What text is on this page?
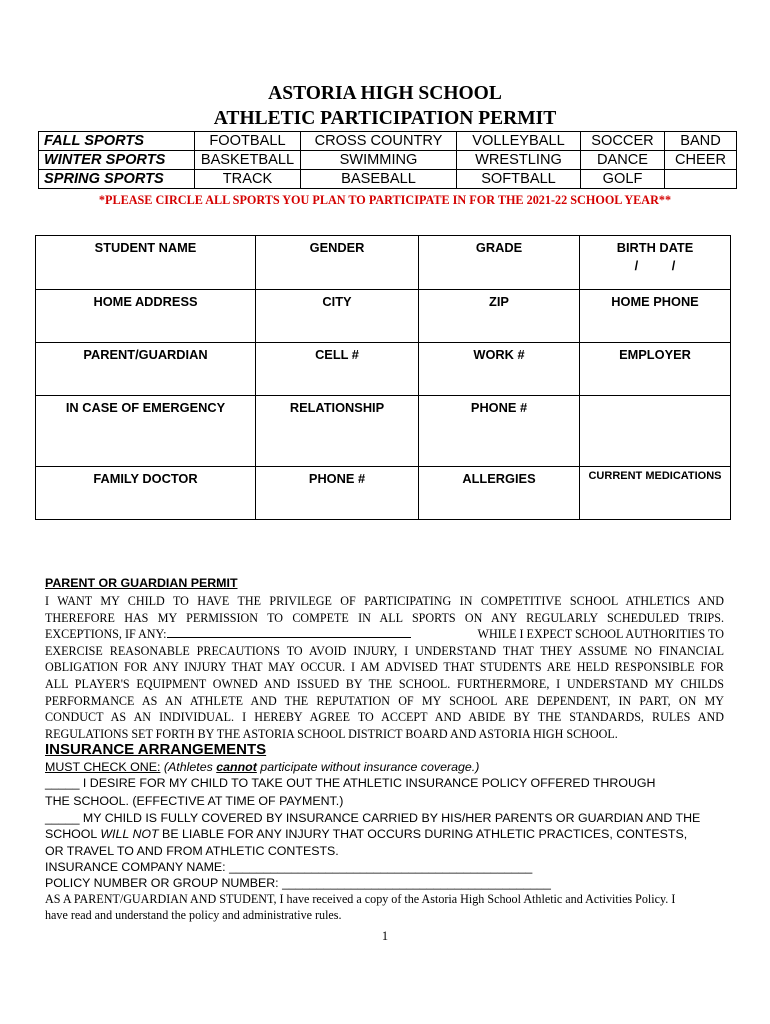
ASTORIA HIGH SCHOOL
ATHLETIC PARTICIPATION PERMIT
FALL SPORTS	FOOTBALL	CROSS COUNTRY	VOLLEYBALL	SOCCER	BAND
WINTER SPORTS	BASKETBALL	SWIMMING	WRESTLING	DANCE	CHEER
SPRING SPORTS	TRACK	BASEBALL	SOFTBALL	GOLF	
*PLEASE CIRCLE ALL SPORTS YOU PLAN TO PARTICIPATE IN FOR THE 2021-22 SCHOOL YEAR**
STUDENT NAME	GENDER	GRADE	BIRTH DATE
/ /

HOME ADDRESS	CITY	ZIP	HOME PHONE
PARENT/GUARDIAN	CELL #	WORK #	EMPLOYER
IN CASE OF EMERGENCY	RELATIONSHIP	PHONE #	
FAMILY DOCTOR	PHONE #	ALLERGIES	CURRENT MEDICATIONS
PARENT OR GUARDIAN PERMIT
I WANT MY CHILD TO HAVE THE PRIVILEGE OF PARTICIPATING IN COMPETITIVE SCHOOL ATHLETICS AND
THEREFORE HAS MY PERMISSION TO COMPETE IN ALL SPORTS ON ANY REGULARLY SCHEDULED TRIPS.
EXCEPTIONS, IF ANY:	WHILE I EXPECT SCHOOL AUTHORITIES TO
EXERCISE REASONABLE PRECAUTIONS TO AVOID INJURY, I UNDERSTAND THAT THEY ASSUME NO FINANCIAL
OBLIGATION FOR ANY INJURY THAT MAY OCCUR. I AM ADVISED THAT STUDENTS ARE HELD RESPONSIBLE FOR
ALL PLAYER'S EQUIPMENT OWNED AND ISSUED BY THE SCHOOL. FURTHERMORE, I UNDERSTAND MY CHILDS
PERFORMANCE AS AN ATHLETE AND THE REPUTATION OF MY SCHOOL ARE DEPENDENT, IN PART, ON MY
CONDUCT AS AN INDIVIDUAL. I HEREBY AGREE TO ACCEPT AND ABIDE BY THE STANDARDS, RULES AND
REGULATIONS SET FORTH BY THE ASTORIA SCHOOL DISTRICT BOARD AND ASTORIA HIGH SCHOOL.
INSURANCE ARRANGEMENTS
MUST CHECK ONE: (Athletes cannot participate without insurance coverage.)
_____ I DESIRE FOR MY CHILD TO TAKE OUT THE ATHLETIC INSURANCE POLICY OFFERED THROUGH
THE SCHOOL. (EFFECTIVE AT TIME OF PAYMENT.)
_____ MY CHILD IS FULLY COVERED BY INSURANCE CARRIED BY HIS/HER PARENTS OR GUARDIAN AND THE
SCHOOL WILL NOT BE LIABLE FOR ANY INJURY THAT OCCURS DURING ATHLETIC PRACTICES, CONTESTS,
OR TRAVEL TO AND FROM ATHLETIC CONTESTS.
INSURANCE COMPANY NAME: ____________________________________________
POLICY NUMBER OR GROUP NUMBER: _______________________________________
AS A PARENT/GUARDIAN AND STUDENT, I have received a copy of the Astoria High School Athletic and Activities Policy. I
have read and understand the policy and administrative rules.
1
